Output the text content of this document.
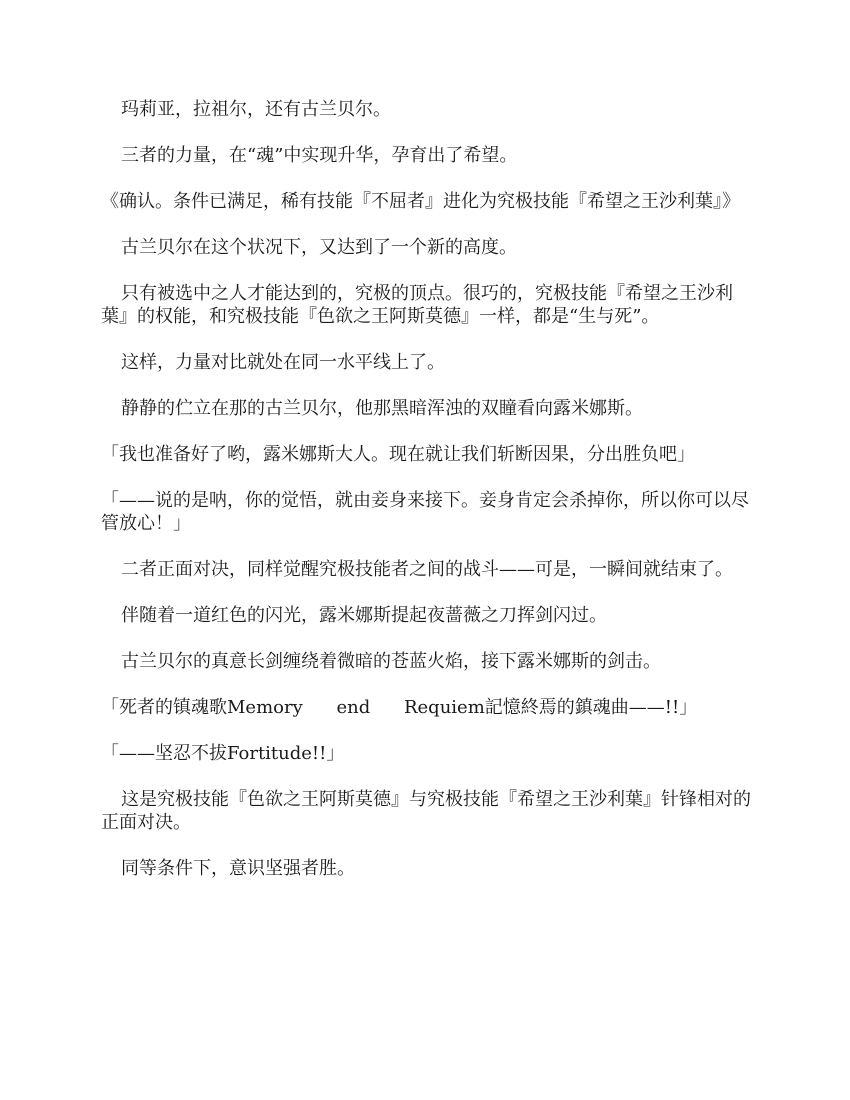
玛莉亚，拉祖尔，还有古兰贝尔。

三者的力量，在“魂”中实现升华，孕育出了希望。

《确认。条件已满足，稀有技能『不屈者』进化为究极技能『希望之王沙利葉』》

古兰贝尔在这个状况下，又达到了一个新的高度。

只有被选中之人才能达到的，究极的顶点。很巧的，究极技能『希望之王沙利葉』的权能，和究极技能『色欲之王阿斯莫德』一样，都是“生与死”。

这样，力量对比就处在同一水平线上了。

静静的伫立在那的古兰贝尔，他那黑暗浑浊的双瞳看向露米娜斯。

「我也准备好了哟，露米娜斯大人。现在就让我们斩断因果，分出胜负吧」

「——说的是呐，你的觉悟，就由妾身来接下。妾身肯定会杀掉你，所以你可以尽管放心！」

二者正面对决，同样觉醒究极技能者之间的战斗——可是，一瞬间就结束了。

伴随着一道红色的闪光，露米娜斯提起夜蔷薇之刀挥剑闪过。

古兰贝尔的真意长剑缠绕着微暗的苍蓝火焰，接下露米娜斯的剑击。

「死者的镇魂歌Memory end Requiem記憶終焉的鎮魂曲——!!」

「——坚忍不拔Fortitude!!」

这是究极技能『色欲之王阿斯莫德』与究极技能『希望之王沙利葉』针锋相对的正面对决。

同等条件下，意识坚强者胜。
